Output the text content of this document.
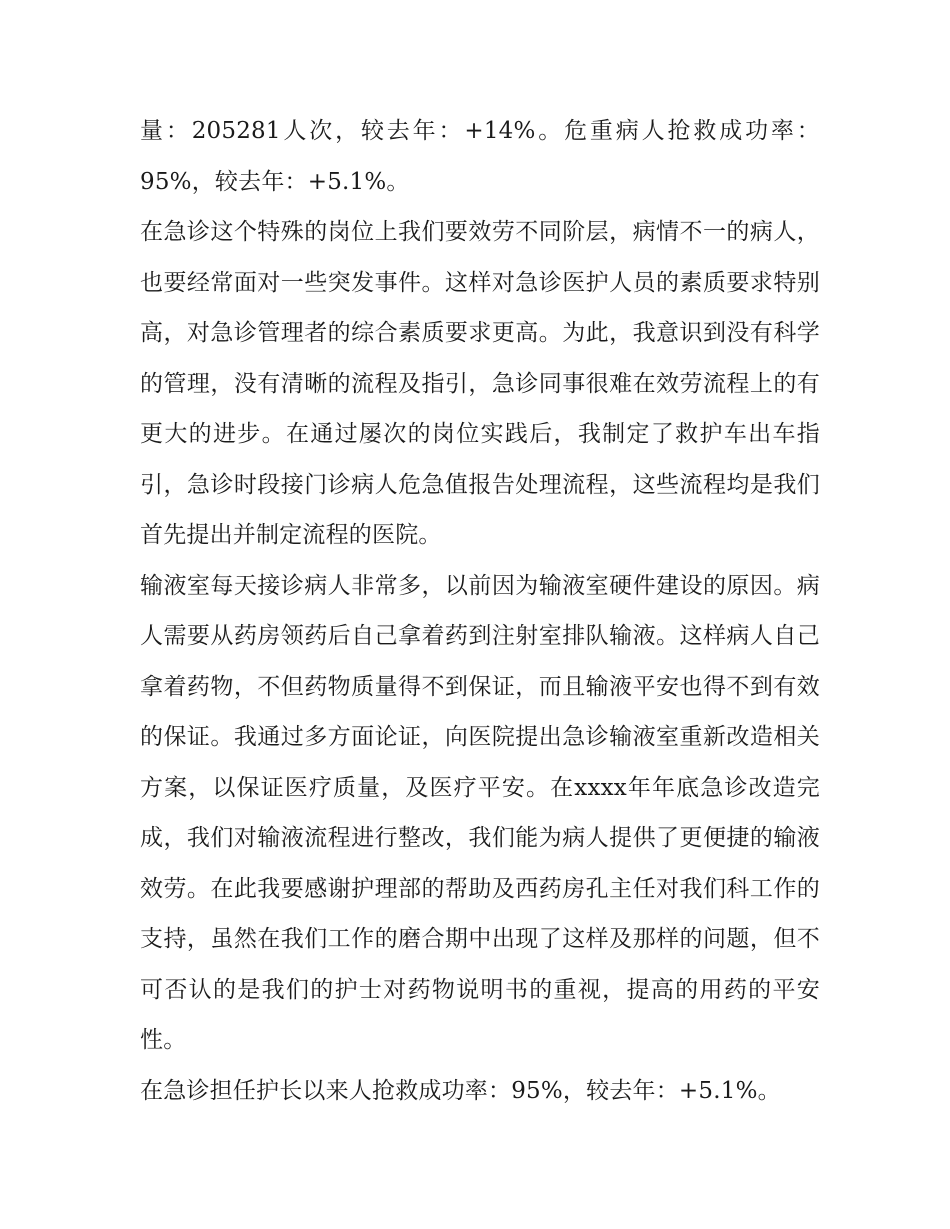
量：205281人次，较去年：+14%。危重病人抢救成功率：95%，较去年：+5.1%。

在急诊这个特殊的岗位上我们要效劳不同阶层，病情不一的病人，也要经常面对一些突发事件。这样对急诊医护人员的素质要求特别高，对急诊管理者的综合素质要求更高。为此，我意识到没有科学的管理，没有清晰的流程及指引，急诊同事很难在效劳流程上的有更大的进步。在通过屡次的岗位实践后，我制定了救护车出车指引，急诊时段接门诊病人危急值报告处理流程，这些流程均是我们首先提出并制定流程的医院。

输液室每天接诊病人非常多，以前因为输液室硬件建设的原因。病人需要从药房领药后自己拿着药到注射室排队输液。这样病人自己拿着药物，不但药物质量得不到保证，而且输液平安也得不到有效的保证。我通过多方面论证，向医院提出急诊输液室重新改造相关方案，以保证医疗质量，及医疗平安。在xxxx年年底急诊改造完成，我们对输液流程进行整改，我们能为病人提供了更便捷的输液效劳。在此我要感谢护理部的帮助及西药房孔主任对我们科工作的支持，虽然在我们工作的磨合期中出现了这样及那样的问题，但不可否认的是我们的护士对药物说明书的重视，提高的用药的平安性。

在急诊担任护长以来人抢救成功率：95%，较去年：+5.1%。
